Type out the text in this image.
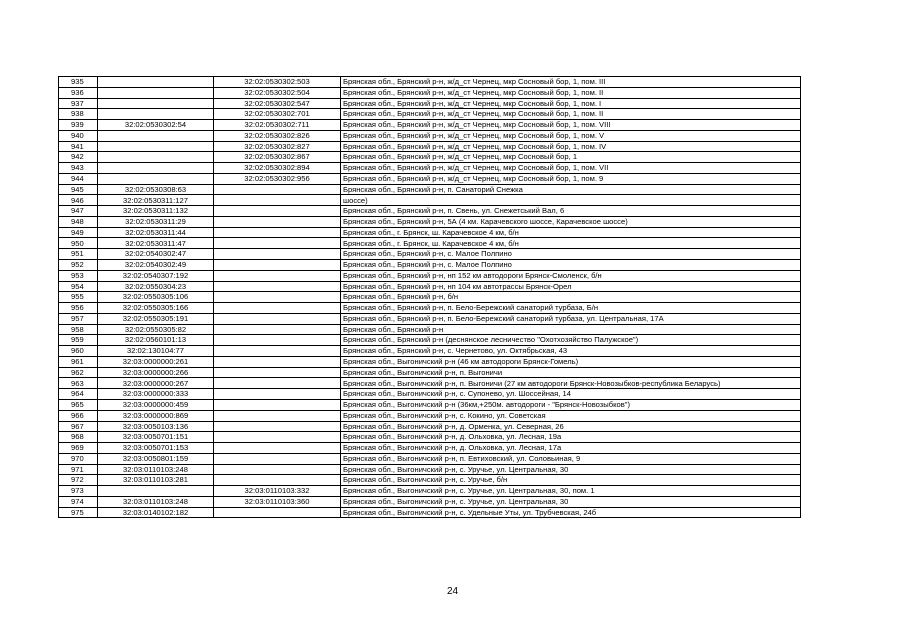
935		32:02:0530302:503	Брянская обл., Брянский р-н, ж/д_ст Чернец, мкр Сосновый бор, 1, пом. III
936		32:02:0530302:504	Брянская обл., Брянский р-н, ж/д_ст Чернец, мкр Сосновый бор, 1, пом. II
937		32:02:0530302:547	Брянская обл., Брянский р-н, ж/д_ст Чернец, мкр Сосновый бор, 1, пом. I
938		32:02:0530302:701	Брянская обл., Брянский р-н, ж/д_ст Чернец, мкр Сосновый бор, 1, пом. II
939	32:02:0530302:54	32:02:0530302:711	Брянская обл., Брянский р-н, ж/д_ст Чернец, мкр Сосновый бор, 1, пом. VIII
940		32:02:0530302:826	Брянская обл., Брянский р-н, ж/д_ст Чернец, мкр Сосновый бор, 1, пом. V
941		32:02:0530302:827	Брянская обл., Брянский р-н, ж/д_ст Чернец, мкр Сосновый бор, 1, пом. IV
942		32:02:0530302:867	Брянская обл., Брянский р-н, ж/д_ст Чернец, мкр Сосновый бор, 1
943		32:02:0530302:894	Брянская обл., Брянский р-н, ж/д_ст Чернец, мкр Сосновый бор, 1, пом. VII
944		32:02:0530302:956	Брянская обл., Брянский р-н, ж/д_ст Чернец, мкр Сосновый бор, 1, пом. 9
945	32:02:0530308:63		Брянская обл., Брянский р-н, п. Санаторий Снежка
946	32:02:0530311:127		шоссе)
947	32:02:0530311:132		Брянская обл., Брянский р-н, п. Свень, ул. Снежетський Вал, 6
948	32:02:0530311:29		Брянская обл., Брянский р-н, 5А (4 км. Карачевского шоссе, Карачевское шоссе)
949	32:02:0530311:44		Брянская обл., г. Брянск, ш. Карачевское 4 км, б/н
950	32:02:0530311:47		Брянская обл., г. Брянск, ш. Карачевское 4 км, б/н
951	32:02:0540302:47		Брянская обл., Брянский р-н, с. Малое Полпино
952	32:02:0540302:49		Брянская обл., Брянский р-н, с. Малое Полпино
953	32:02:0540307:192		Брянская обл., Брянский р-н, нп 152 км автодороги Брянск-Смоленск, б/н
954	32:02:0550304:23		Брянская обл., Брянский р-н, нп 104 км автотрассы Брянск-Орел
955	32:02:0550305:106		Брянская обл., Брянский р-н, б/н
956	32:02:0550305:166		Брянская обл., Брянский р-н, п. Бело-Бережский санаторий турбаза, Б/н
957	32:02:0550305:191		Брянская обл., Брянский р-н, п. Бело-Бережский санаторий турбаза, ул. Центральная, 17А
958	32:02:0550305:82		Брянская обл., Брянский р-н
959	32:02:0560101:13		Брянская обл., Брянский р-н (деснянское лесничество "Охотхозяйство Палужское")
960	32:02:130104:77		Брянская обл., Брянский р-н, с. Чернетово, ул. Октябрьская, 43
961	32:03:0000000:261		Брянская обл., Выгоничский р-н (46 км автодороги Брянск-Гомель)
962	32:03:0000000:266		Брянская обл., Выгоничский р-н, п. Выгоничи
963	32:03:0000000:267		Брянская обл., Выгоничский р-н, п. Выгоничи (27 км автодороги Брянск-Новозыбков-республика Беларусь)
964	32:03:0000000:333		Брянская обл., Выгоничский р-н, с. Супонево, ул. Шоссейная, 14
965	32:03:0000000:459		Брянская обл., Выгоничский р-н (36км,+250м. автодороги - "Брянск-Новозыбков")
966	32:03:0000000:869		Брянская обл., Выгоничский р-н, с. Кокино, ул. Советская
967	32:03:0050103:136		Брянская обл., Выгоничский р-н, д. Орменка, ул. Северная, 26
968	32:03:0050701:151		Брянская обл., Выгоничский р-н, д. Ольховка, ул. Лесная, 19а
969	32:03:0050701:153		Брянская обл., Выгоничский р-н, д. Ольховка, ул. Лесная, 17а
970	32:03:0050801:159		Брянская обл., Выгоничский р-н, п. Евтиховский, ул. Соловьиная, 9
971	32:03:0110103:248		Брянская обл., Выгоничский р-н, с. Уручье, ул. Центральная, 30
972	32:03:0110103:281		Брянская обл., Выгоничский р-н, с. Уручье, б/н
973		32:03:0110103:332	Брянская обл., Выгоничский р-н, с. Уручье, ул. Центральная, 30, пом. 1
974	32:03:0110103:248	32:03:0110103:360	Брянская обл., Выгоничский р-н, с. Уручье, ул. Центральная, 30
975	32:03:0140102:182		Брянская обл., Выгоничский р-н, с. Удельные Уты, ул. Трубчевская, 24б
24
